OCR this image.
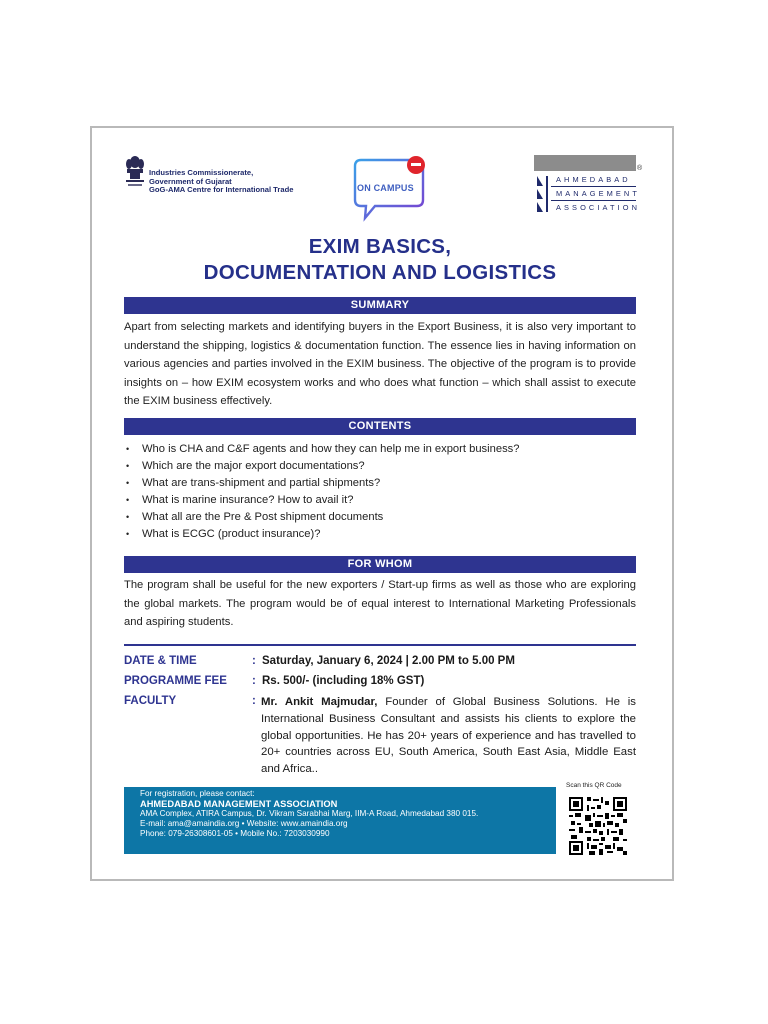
Industries Commissionerate,
Government of Gujarat
GoG-AMA Centre for International Trade	ON CAMPUS
®
AHMEDABAD
MANAGEMENT
ASSOCIATION
EXIM BASICS,
DOCUMENTATION AND LOGISTICS
SUMMARY
Apart from selecting markets and identifying buyers in the Export Business, it is also very important to understand the shipping, logistics & documentation function. The essence lies in having information on various agencies and parties involved in the EXIM business. The objective of the program is to provide insights on – how EXIM ecosystem works and who does what function – which shall assist to execute the EXIM business effectively.
CONTENTS
• Who is CHA and C&F agents and how they can help me in export business?
• Which are the major export documentations?
• What are trans-shipment and partial shipments?
• What is marine insurance? How to avail it?
• What all are the Pre & Post shipment documents
• What is ECGC (product insurance)?
FOR WHOM
The program shall be useful for the new exporters / Start-up firms as well as those who are exploring the global markets. The program would be of equal interest to International Marketing Professionals and aspiring students.
DATE & TIME	: Saturday, January 6, 2024 | 2.00 PM to 5.00 PM
PROGRAMME FEE : Rs. 500/- (including 18% GST)
FACULTY	: Mr. Ankit Majmudar, Founder of Global Business Solutions. He is International Business Consultant and assists his clients to explore the global opportunities. He has 20+ years of experience and has travelled to 20+ countries across EU, South America, South East Asia, Middle East and Africa..
For registration, please contact:
AHMEDABAD MANAGEMENT ASSOCIATION
AMA Complex, ATIRA Campus, Dr. Vikram Sarabhai Marg, IIM-A Road, Ahmedabad 380 015.
E-mail: ama@amaindia.org • Website: www.amaindia.org
Phone: 079-26308601-05 • Mobile No.: 7203030990
Scan this QR Code
